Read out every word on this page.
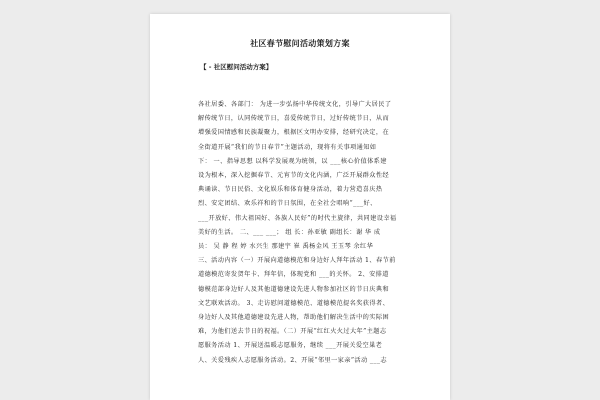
社区春节慰问活动策划方案
【 - 社区慰问活动方案】

各社居委、各部门： 为进一步弘扬中华传统文化，引导广大居民了

解传统节日，认同传统节日，喜爱传统节日，过好传统节日，从而

增强爱国情感和民族凝聚力，根据区文明办安排，经研究决定，在

全街道开展“我们的节日春节”主题活动，现将有关事项通知如

下： 一、指导思想 以科学发展观为统领，以 ___核心价值体系建

设为根本，深入挖掘春节、元宵节的文化内涵，广泛开展群众性经

典诵读、节日民俗、文化娱乐和体育健身活动，着力营造喜庆热

烈、安定团结、欢乐祥和的节日氛围，在全社会唱响“___好、

___开放好、伟大祖国好、各族人民好”的时代主旋律，共同建设幸福

美好的生活。 二、___ ___； 组 长：孙亚敏 副组长：谢 华 成

员： 吴 静 程 婷 水兴生 那建宇 崔 禹杨金风 王玉琴 余红华

三、活动内容（一）开展向道德模范和身边好人拜年活动 1、春节前

道德模范寄发贺年卡、拜年信，体现党和 ___的关怀。 2、安排道

德模范部身边好人及其他道德建设先进人物参加社区的节日庆典和

文艺联欢活动。 3、走访慰问道德模范、道德模范提名奖获得者、

身边好人及其他道德建设先进人物，帮助他们解决生活中的实际困

难，为他们送去节日的祝福。（二）开展“红红火火过大年”主题志

愿服务活动 1、开展送温暖志愿服务，继续 ___开展关爱空巢老

人、关爱残疾人志愿服务活动。2、开展“邻里一家亲”活动 ___志
